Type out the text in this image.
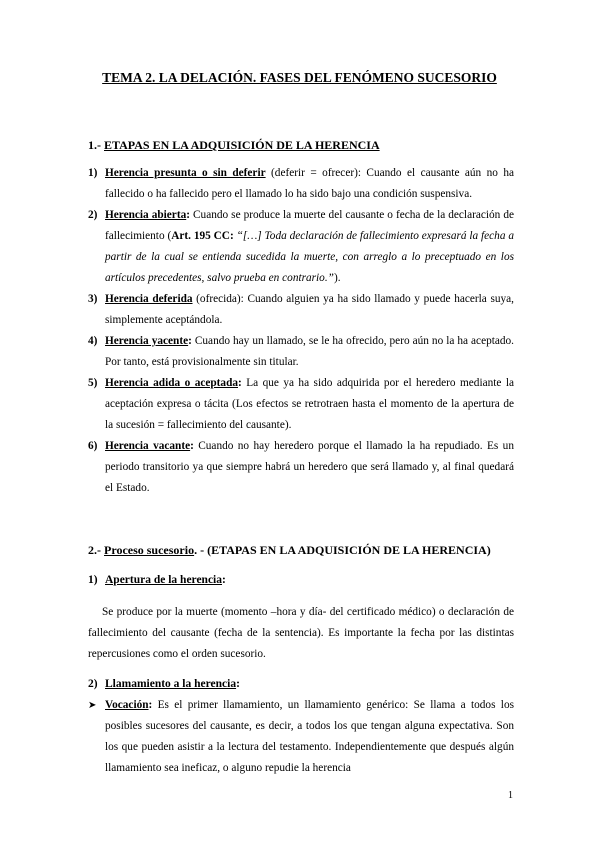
TEMA 2. LA DELACIÓN. FASES DEL FENÓMENO SUCESORIO
1.- ETAPAS EN LA ADQUISICIÓN DE LA HERENCIA
1) Herencia presunta o sin deferir (deferir = ofrecer): Cuando el causante aún no ha fallecido o ha fallecido pero el llamado lo ha sido bajo una condición suspensiva.
2) Herencia abierta: Cuando se produce la muerte del causante o fecha de la declaración de fallecimiento (Art. 195 CC: “[…] Toda declaración de fallecimiento expresará la fecha a partir de la cual se entienda sucedida la muerte, con arreglo a lo preceptuado en los artículos precedentes, salvo prueba en contrario.”).
3) Herencia deferida (ofrecida): Cuando alguien ya ha sido llamado y puede hacerla suya, simplemente aceptándola.
4) Herencia yacente: Cuando hay un llamado, se le ha ofrecido, pero aún no la ha aceptado. Por tanto, está provisionalmente sin titular.
5) Herencia adida o aceptada: La que ya ha sido adquirida por el heredero mediante la aceptación expresa o tácita (Los efectos se retrotraen hasta el momento de la apertura de la sucesión = fallecimiento del causante).
6) Herencia vacante: Cuando no hay heredero porque el llamado la ha repudiado. Es un periodo transitorio ya que siempre habrá un heredero que será llamado y, al final quedará el Estado.
2.- Proceso sucesorio. - (ETAPAS EN LA ADQUISICIÓN DE LA HERENCIA)
1) Apertura de la herencia:

Se produce por la muerte (momento –hora y día- del certificado médico) o declaración de fallecimiento del causante (fecha de la sentencia). Es importante la fecha por las distintas repercusiones como el orden sucesorio.

2) Llamamiento a la herencia:
➤ Vocación: Es el primer llamamiento, un llamamiento genérico: Se llama a todos los posibles sucesores del causante, es decir, a todos los que tengan alguna expectativa. Son los que pueden asistir a la lectura del testamento. Independientemente que después algún llamamiento sea ineficaz, o alguno repudie la herencia
1
